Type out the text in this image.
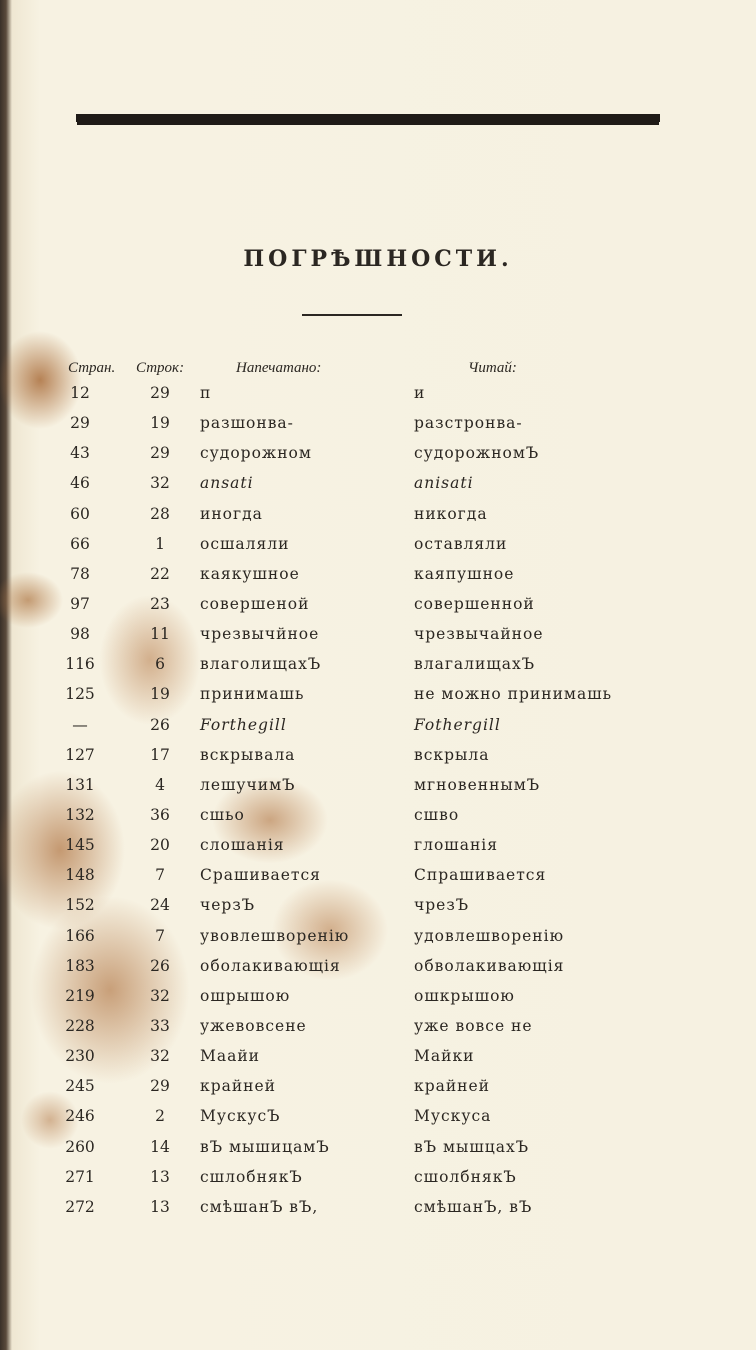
ПОГРѢШНОСТИ.
Стран. Строк:	Напечатано:	Читай:
12	29	п	и
29	19	разшонва-	разстронва-
43	29	судорожном	судорожномЪ
46	32	ansati	anisati
60	28	иногда	никогда
66	1	осшаляли	оставляли
78	22	каякушное	каяпушное
97	23	совершеной	совершенной
98	11	чрезвычйное	чрезвычайное
116	6	влаголищахЪ	влагалищахЪ
125	19	принимашь	не можно принимашь
—	26	Forthegill	Fothergill
127	17	вскрывала	вскрыла
131	4	лешучимЪ	мгновеннымЪ
132	36	сшьо	сшво
145	20	слошанія	глошанія
148	7	Срашивается	Спрашивается
152	24	черзЪ	чрезЪ
166	7	увовлешворенію	удовлешворенію
183	26	оболакивающія	обволакивающія
219	32	ошрышою	ошкрышою
228	33	ужевовсене	уже вовсе не
230	32	Маайи	Майки
245	29	крайней	крайней
246	2	МускусЪ	Мускуса
260	14	вЪ мышицамЪ	вЪ мышцахЪ
271	13	сшлобнякЪ	сшолбнякЪ
272	13	смѣшанЪ вЪ,	смѣшанЪ, вЪ
